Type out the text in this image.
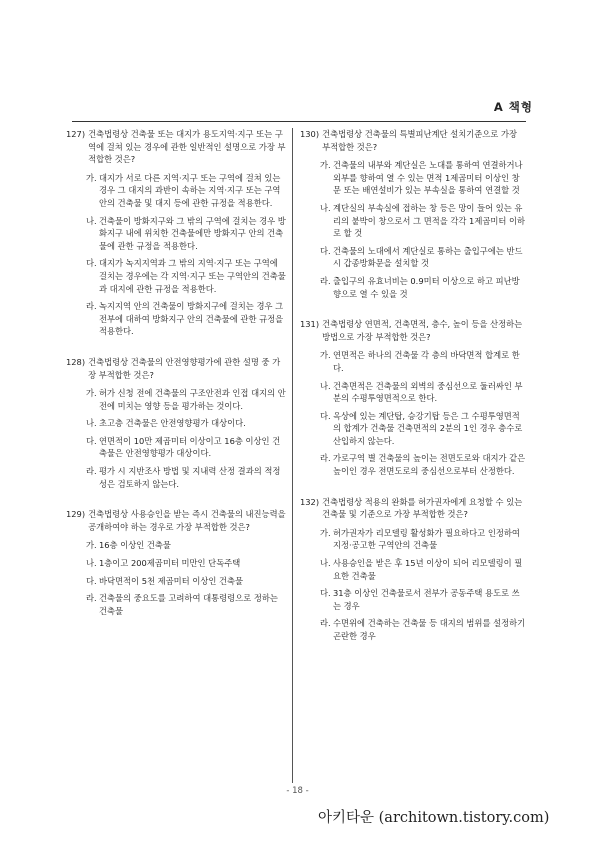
A 책형
127) 건축법령상 건축물 또는 대지가 용도지역·지구 또는 구역에 걸쳐 있는 경우에 관한 일반적인 설명으로 가장 부적합한 것은?
가. 대지가 서로 다른 지역·지구 또는 구역에 걸쳐 있는 경우 그 대지의 과반이 속하는 지역·지구 또는 구역 안의 건축물 및 대지 등에 관한 규정을 적용한다.
나. 건축물이 방화지구와 그 밖의 구역에 걸치는 경우 방화지구 내에 위치한 건축물에만 방화지구 안의 건축물에 관한 규정을 적용한다.
다. 대지가 녹지지역과 그 밖의 지역·지구 또는 구역에 걸치는 경우에는 각 지역·지구 또는 구역안의 건축물과 대지에 관한 규정을 적용한다.
라. 녹지지역 안의 건축물이 방화지구에 걸치는 경우 그 전부에 대하여 방화지구 안의 건축물에 관한 규정을 적용한다.
128) 건축법령상 건축물의 안전영향평가에 관한 설명 중 가장 부적합한 것은?
가. 허가 신청 전에 건축물의 구조안전과 인접 대지의 안전에 미치는 영향 등을 평가하는 것이다.
나. 초고층 건축물은 안전영향평가 대상이다.
다. 연면적이 10만 제곱미터 이상이고 16층 이상인 건축물은 안전영향평가 대상이다.
라. 평가 시 지반조사 방법 및 지내력 산정 결과의 적정성은 검토하지 않는다.
129) 건축법령상 사용승인을 받는 즉시 건축물의 내진능력을 공개하여야 하는 경우로 가장 부적합한 것은?
가. 16층 이상인 건축물
나. 1층이고 200제곱미터 미만인 단독주택
다. 바닥면적이 5천 제곱미터 이상인 건축물
라. 건축물의 중요도를 고려하여 대통령령으로 정하는 건축물
130) 건축법령상 건축물의 특별피난계단 설치기준으로 가장 부적합한 것은?
가. 건축물의 내부와 계단실은 노대를 통하여 연결하거나 외부를 향하여 열 수 있는 면적 1제곱미터 이상인 창문 또는 배연설비가 있는 부속실을 통하여 연결할 것
나. 계단실의 부속실에 접하는 창 등은 망이 들어 있는 유리의 붙박이 창으로서 그 면적을 각각 1제곱미터 이하로 할 것
다. 건축물의 노대에서 계단실로 통하는 출입구에는 반드시 갑종방화문을 설치할 것
라. 출입구의 유효너비는 0.9미터 이상으로 하고 피난방향으로 열 수 있을 것
131) 건축법령상 연면적, 건축면적, 층수, 높이 등을 산정하는 방법으로 가장 부적합한 것은?
가. 연면적은 하나의 건축물 각 층의 바닥면적 합계로 한다.
나. 건축면적은 건축물의 외벽의 중심선으로 둘러싸인 부분의 수평투영면적으로 한다.
다. 옥상에 있는 계단탑, 승강기탑 등은 그 수평투영면적의 합계가 건축물 건축면적의 2분의 1인 경우 층수로 산입하지 않는다.
라. 가로구역 별 건축물의 높이는 전면도로와 대지가 같은 높이인 경우 전면도로의 중심선으로부터 산정한다.
132) 건축법령상 적용의 완화를 허가권자에게 요청할 수 있는 건축물 및 기준으로 가장 부적합한 것은?
가. 허가권자가 리모델링 활성화가 필요하다고 인정하여 지정·공고한 구역안의 건축물
나. 사용승인을 받은 후 15년 이상이 되어 리모델링이 필요한 건축물
다. 31층 이상인 건축물로서 전부가 공동주택 용도로 쓰는 경우
라. 수면위에 건축하는 건축물 등 대지의 범위를 설정하기 곤란한 경우
- 18 -
아키타운 (architown.tistory.com)
